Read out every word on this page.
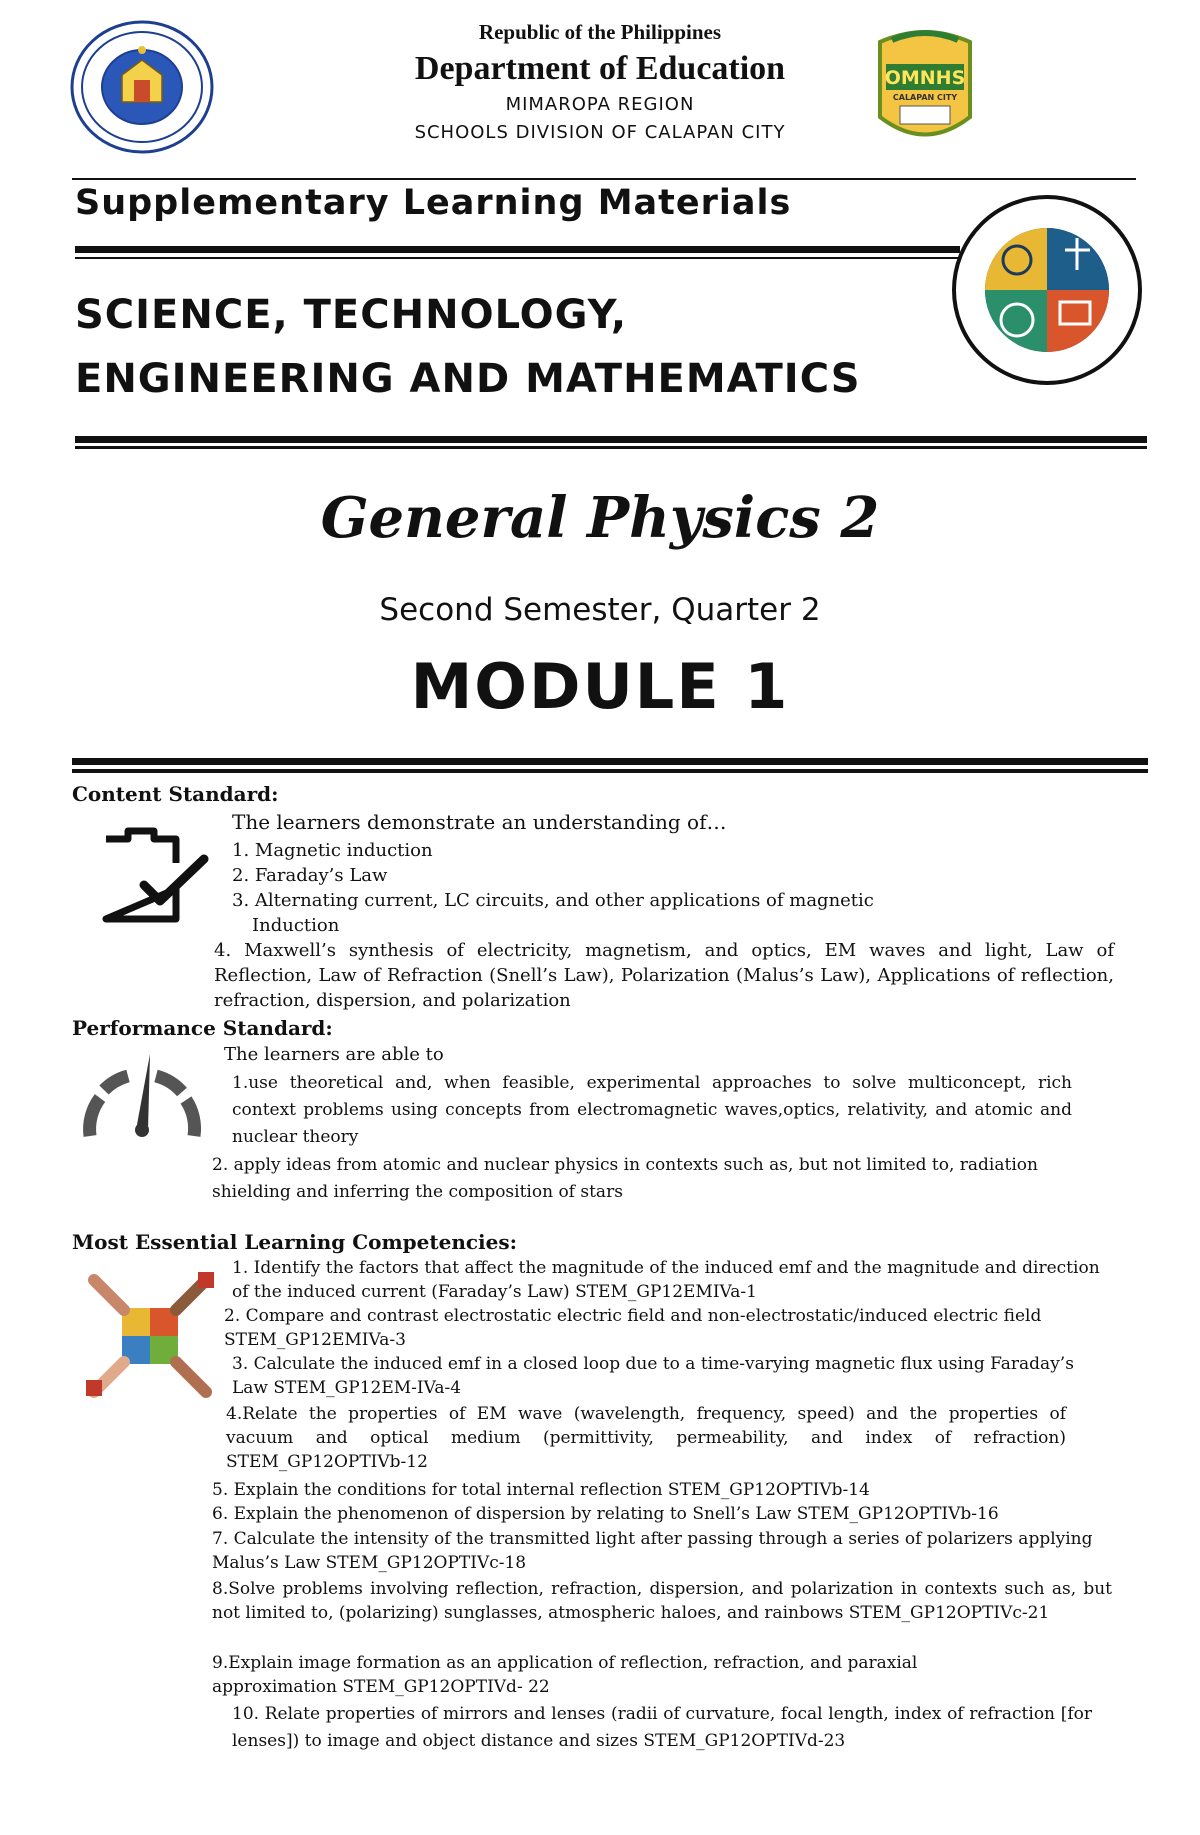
Republic of the Philippines
Department of Education
MIMAROPA REGION
SCHOOLS DIVISION OF CALAPAN CITY
OMNHS
CALAPAN CITY
Supplementary Learning Materials
SCIENCE, TECHNOLOGY,
ENGINEERING AND MATHEMATICS
General Physics 2
Second Semester, Quarter 2
MODULE 1
Content Standard:
The learners demonstrate an understanding of…
1. Magnetic induction
2. Faraday’s Law
3. Alternating current, LC circuits, and other applications of magnetic
Induction
4. Maxwell’s synthesis of electricity, magnetism, and optics, EM waves and light, Law of Reflection, Law of Refraction (Snell’s Law), Polarization (Malus’s Law), Applications of reflection, refraction, dispersion, and polarization
Performance Standard:
The learners are able to
1.use theoretical and, when feasible, experimental approaches to solve multiconcept, rich context problems using concepts from electromagnetic waves,optics, relativity, and atomic and nuclear theory
2. apply ideas from atomic and nuclear physics in contexts such as, but not limited to, radiation shielding and inferring the composition of stars
Most Essential Learning Competencies:
1. Identify the factors that affect the magnitude of the induced emf and the magnitude and direction of the induced current (Faraday’s Law) STEM_GP12EMIVa-1
2. Compare and contrast electrostatic electric field and non-electrostatic/induced electric field STEM_GP12EMIVa-3
3. Calculate the induced emf in a closed loop due to a time-varying magnetic flux using Faraday’s Law STEM_GP12EM-IVa-4
4.Relate the properties of EM wave (wavelength, frequency, speed) and the properties of vacuum and optical medium (permittivity, permeability, and index of refraction) STEM_GP12OPTIVb-12
5. Explain the conditions for total internal reflection STEM_GP12OPTIVb-14
6. Explain the phenomenon of dispersion by relating to Snell’s Law STEM_GP12OPTIVb-16
7. Calculate the intensity of the transmitted light after passing through a series of polarizers applying Malus’s Law STEM_GP12OPTIVc-18
8.Solve problems involving reflection, refraction, dispersion, and polarization in contexts such as, but not limited to, (polarizing) sunglasses, atmospheric haloes, and rainbows STEM_GP12OPTIVc-21
9.Explain image formation as an application of reflection, refraction, and paraxial approximation STEM_GP12OPTIVd- 22
10. Relate properties of mirrors and lenses (radii of curvature, focal length, index of refraction [for lenses]) to image and object distance and sizes STEM_GP12OPTIVd-23
